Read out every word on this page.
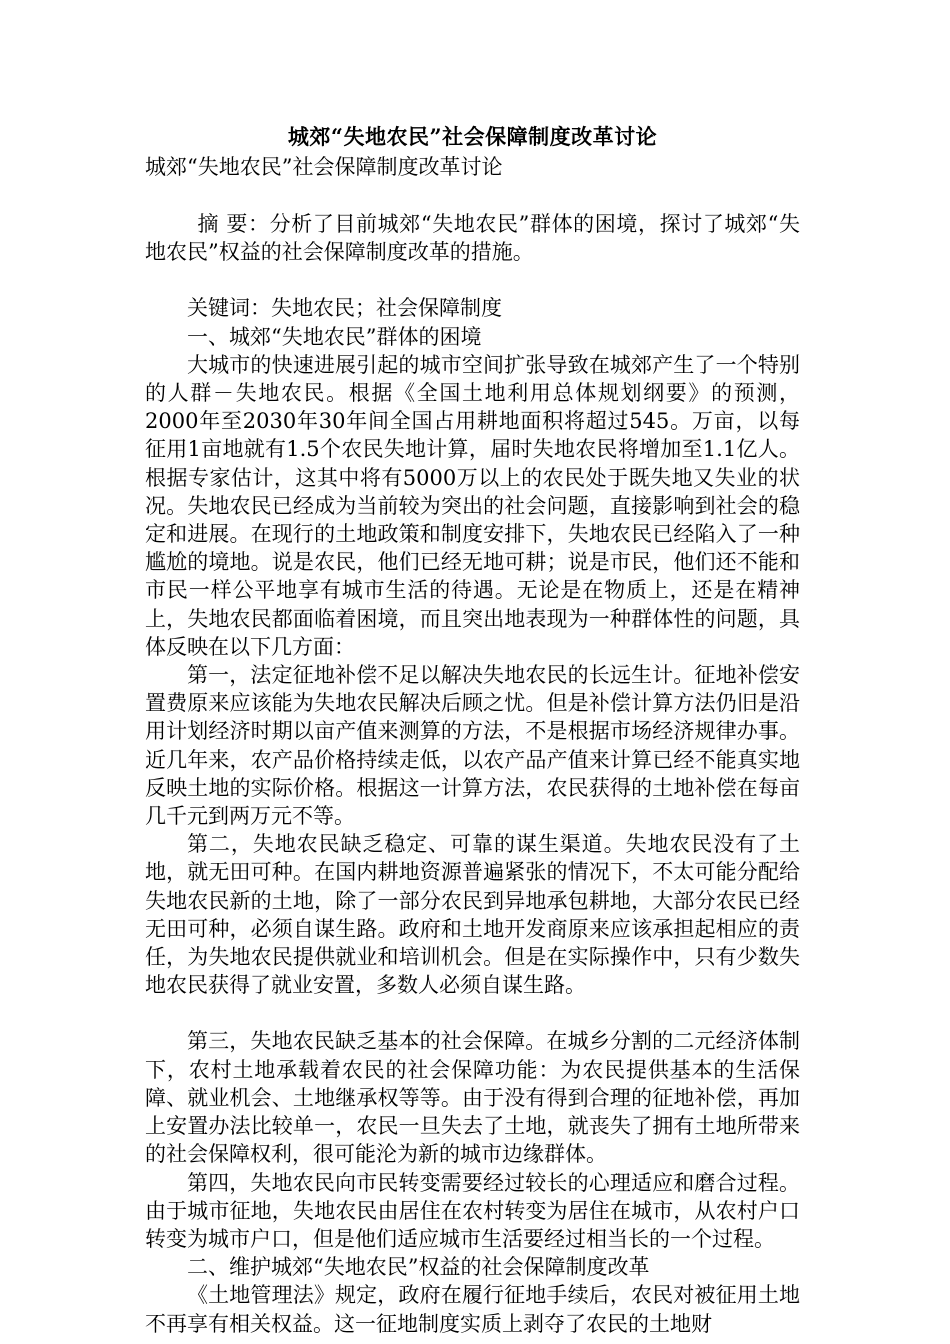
城郊“失地农民”社会保障制度改革讨论

城郊“失地农民”社会保障制度改革讨论

摘 要：分析了目前城郊“失地农民”群体的困境，探讨了城郊“失地农民”权益的社会保障制度改革的措施。

关键词：失地农民；社会保障制度

一、城郊“失地农民”群体的困境

大城市的快速进展引起的城市空间扩张导致在城郊产生了一个特别的人群－失地农民。根据《全国土地利用总体规划纲要》的预测，2000年至2030年30年间全国占用耕地面积将超过545。万亩，以每征用1亩地就有1.5个农民失地计算，届时失地农民将增加至1.1亿人。根据专家估计，这其中将有5000万以上的农民处于既失地又失业的状况。失地农民已经成为当前较为突出的社会问题，直接影响到社会的稳定和进展。在现行的土地政策和制度安排下，失地农民已经陷入了一种尴尬的境地。说是农民，他们已经无地可耕；说是市民，他们还不能和市民一样公平地享有城市生活的待遇。无论是在物质上，还是在精神上，失地农民都面临着困境，而且突出地表现为一种群体性的问题，具体反映在以下几方面：

第一，法定征地补偿不足以解决失地农民的长远生计。征地补偿安置费原来应该能为失地农民解决后顾之忧。但是补偿计算方法仍旧是沿用计划经济时期以亩产值来测算的方法，不是根据市场经济规律办事。近几年来，农产品价格持续走低，以农产品产值来计算已经不能真实地反映土地的实际价格。根据这一计算方法，农民获得的土地补偿在每亩几千元到两万元不等。

第二，失地农民缺乏稳定、可靠的谋生渠道。失地农民没有了土地，就无田可种。在国内耕地资源普遍紧张的情况下，不太可能分配给失地农民新的土地，除了一部分农民到异地承包耕地，大部分农民已经无田可种，必须自谋生路。政府和土地开发商原来应该承担起相应的责任，为失地农民提供就业和培训机会。但是在实际操作中，只有少数失地农民获得了就业安置，多数人必须自谋生路。

第三，失地农民缺乏基本的社会保障。在城乡分割的二元经济体制下，农村土地承载着农民的社会保障功能：为农民提供基本的生活保障、就业机会、土地继承权等等。由于没有得到合理的征地补偿，再加上安置办法比较单一，农民一旦失去了土地，就丧失了拥有土地所带来的社会保障权利，很可能沦为新的城市边缘群体。

第四，失地农民向市民转变需要经过较长的心理适应和磨合过程。由于城市征地，失地农民由居住在农村转变为居住在城市，从农村户口转变为城市户口，但是他们适应城市生活要经过相当长的一个过程。

二、维护城郊“失地农民”权益的社会保障制度改革

《土地管理法》规定，政府在履行征地手续后，农民对被征用土地不再享有相关权益。这一征地制度实质上剥夺了农民的土地财
